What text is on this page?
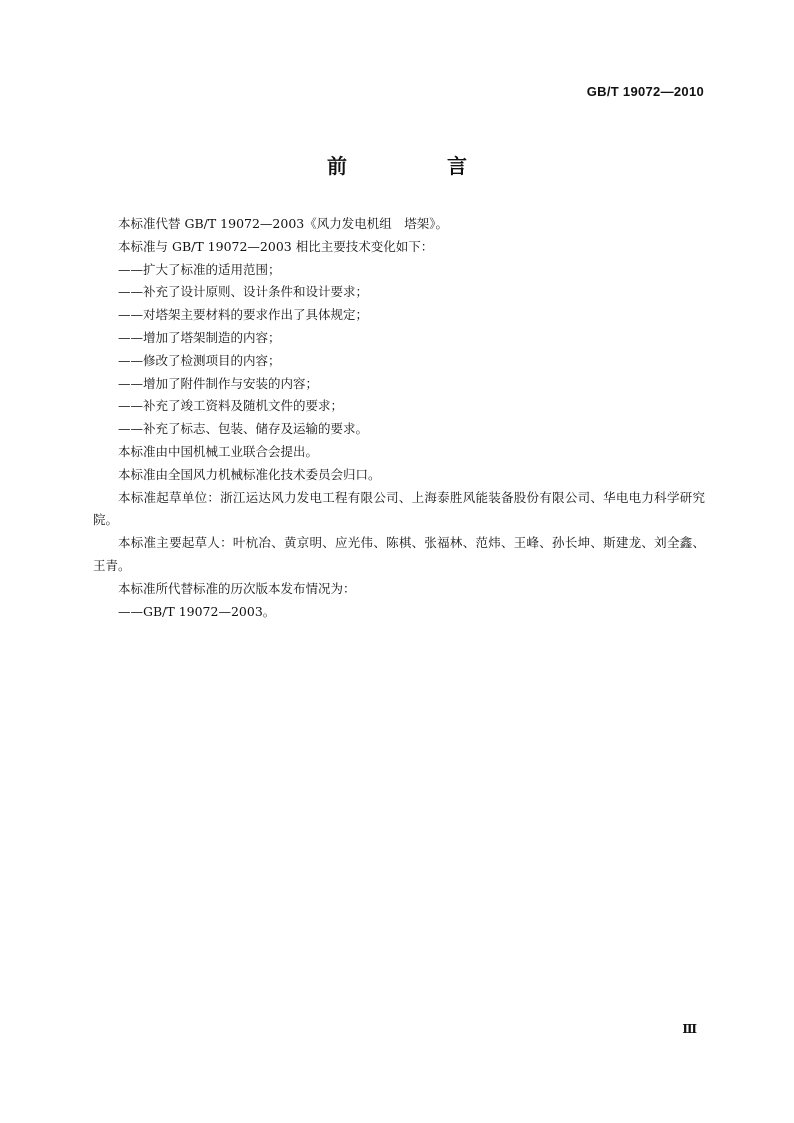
GB/T 19072—2010
前　言

本标准代替 GB/T 19072—2003《风力发电机组　塔架》。

本标准与 GB/T 19072—2003 相比主要技术变化如下：

——扩大了标准的适用范围；

——补充了设计原则、设计条件和设计要求；

——对塔架主要材料的要求作出了具体规定；

——增加了塔架制造的内容；

——修改了检测项目的内容；

——增加了附件制作与安装的内容；

——补充了竣工资料及随机文件的要求；

——补充了标志、包装、储存及运输的要求。

本标准由中国机械工业联合会提出。

本标准由全国风力机械标准化技术委员会归口。

本标准起草单位：浙江运达风力发电工程有限公司、上海泰胜风能装备股份有限公司、华电电力科学研究院。

本标准主要起草人：叶杭冶、黄京明、应光伟、陈棋、张福林、范炜、王峰、孙长坤、斯建龙、刘全鑫、王青。

本标准所代替标准的历次版本发布情况为：

——GB/T 19072—2003。

Ⅲ
